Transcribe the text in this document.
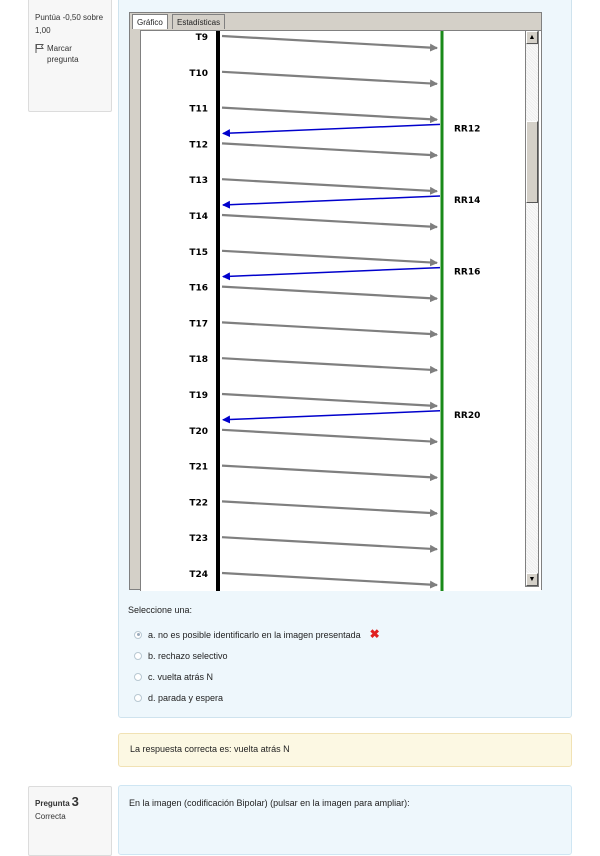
Puntúa -0,50 sobre 1,00
Marcar pregunta
Gráfico	Estadísticas
T9
T10
T11
T12
T13
T14
T15
T16
T17
T18
T19
T20
T21
T22
T23
T24
RR12
RR14
RR16
RR20
▲
▼
Seleccione una:
a. no es posible identificarlo en la imagen presentada ✖
b. rechazo selectivo
c. vuelta atrás N
d. parada y espera
La respuesta correcta es: vuelta atrás N
Pregunta 3
Correcta
En la imagen (codificación Bipolar) (pulsar en la imagen para ampliar):
